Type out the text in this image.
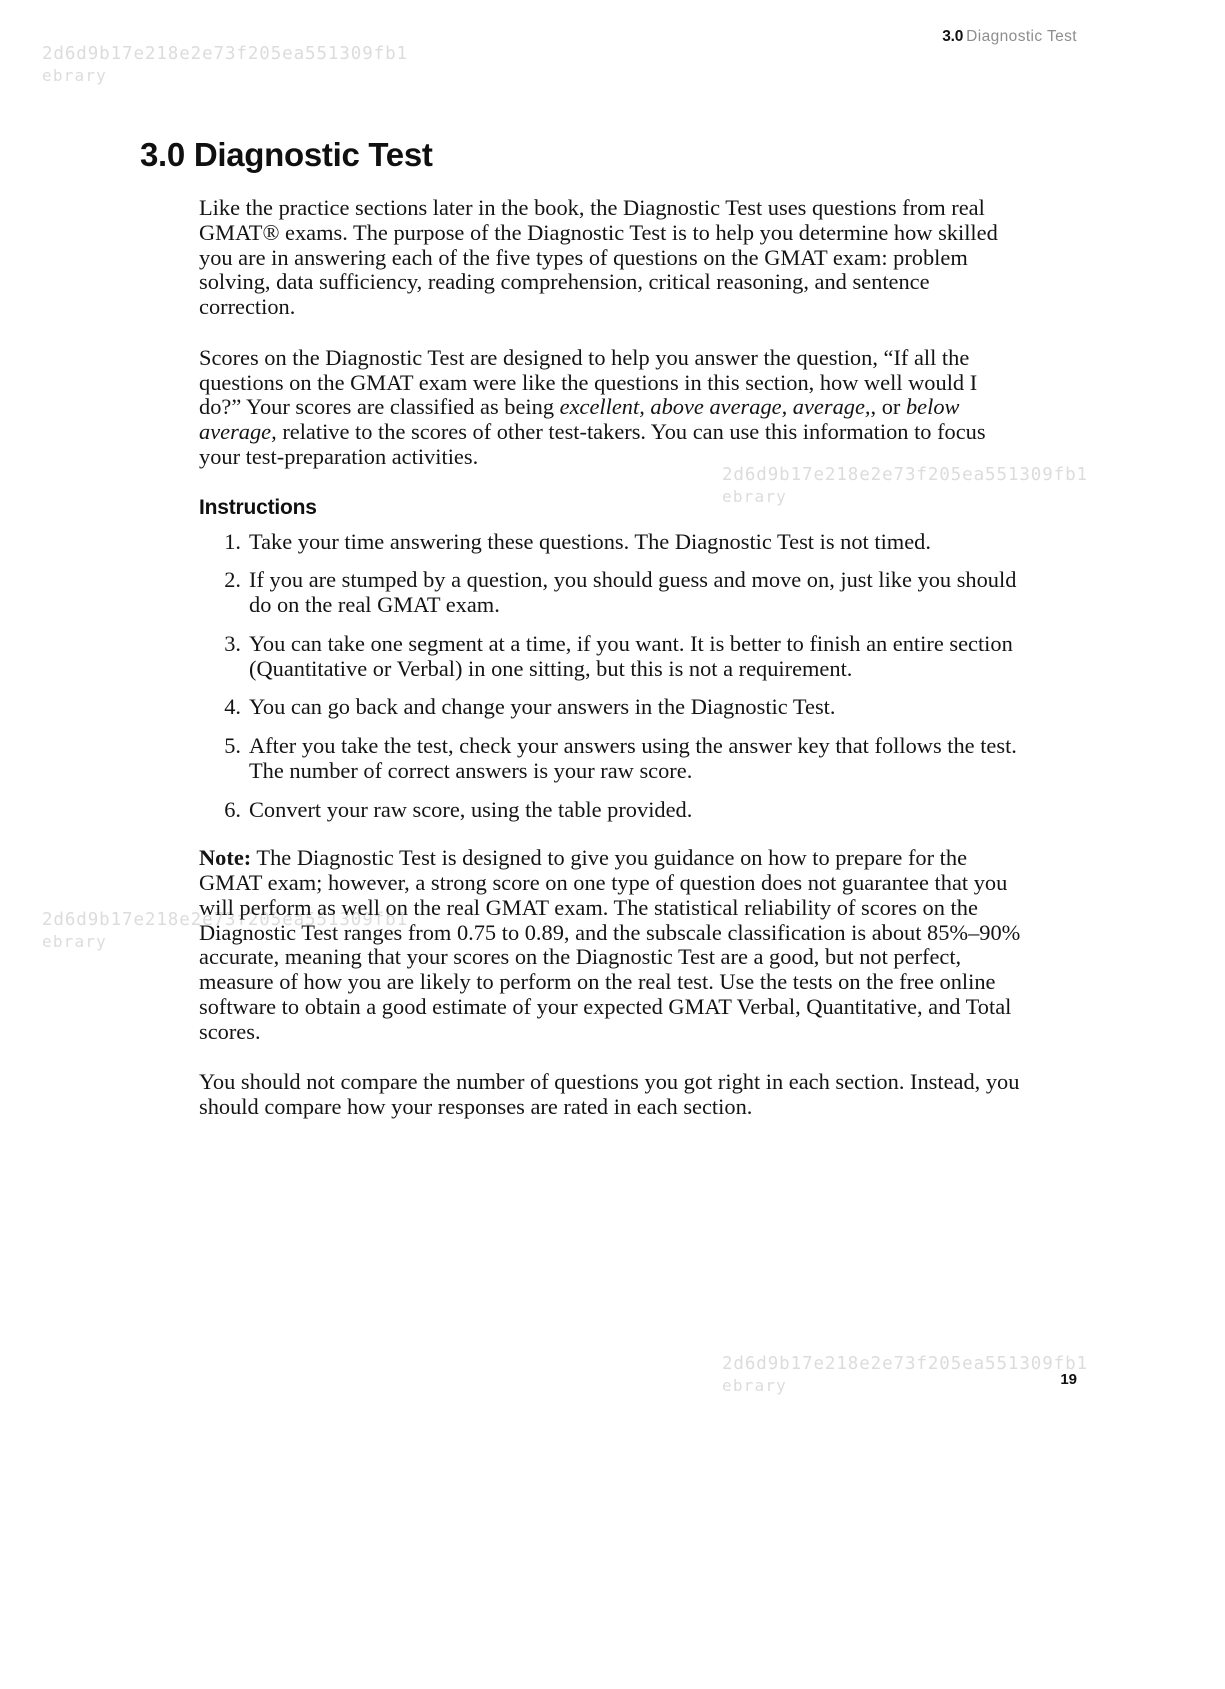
3.0 Diagnostic Test
2d6d9b17e218e2e73f205ea551309fb1
ebrary
2d6d9b17e218e2e73f205ea551309fb1
ebrary
2d6d9b17e218e2e73f205ea551309fb1
ebrary
2d6d9b17e218e2e73f205ea551309fb1
ebrary
3.0 Diagnostic Test

Like the practice sections later in the book, the Diagnostic Test uses questions from real GMAT® exams. The purpose of the Diagnostic Test is to help you determine how skilled you are in answering each of the five types of questions on the GMAT exam: problem solving, data sufficiency, reading comprehension, critical reasoning, and sentence correction.

Scores on the Diagnostic Test are designed to help you answer the question, “If all the questions on the GMAT exam were like the questions in this section, how well would I do?” Your scores are classified as being excellent, above average, average,, or below average, relative to the scores of other test-takers. You can use this information to focus your test-preparation activities.

Instructions
Take your time answering these questions. The Diagnostic Test is not timed.
If you are stumped by a question, you should guess and move on, just like you should do on the real GMAT exam.
You can take one segment at a time, if you want. It is better to finish an entire section (Quantitative or Verbal) in one sitting, but this is not a requirement.
You can go back and change your answers in the Diagnostic Test.
After you take the test, check your answers using the answer key that follows the test. The number of correct answers is your raw score.
Convert your raw score, using the table provided.

Note: The Diagnostic Test is designed to give you guidance on how to prepare for the GMAT exam; however, a strong score on one type of question does not guarantee that you will perform as well on the real GMAT exam. The statistical reliability of scores on the Diagnostic Test ranges from 0.75 to 0.89, and the subscale classification is about 85%–90% accurate, meaning that your scores on the Diagnostic Test are a good, but not perfect, measure of how you are likely to perform on the real test. Use the tests on the free online software to obtain a good estimate of your expected GMAT Verbal, Quantitative, and Total scores.

You should not compare the number of questions you got right in each section. Instead, you should compare how your responses are rated in each section.

19
